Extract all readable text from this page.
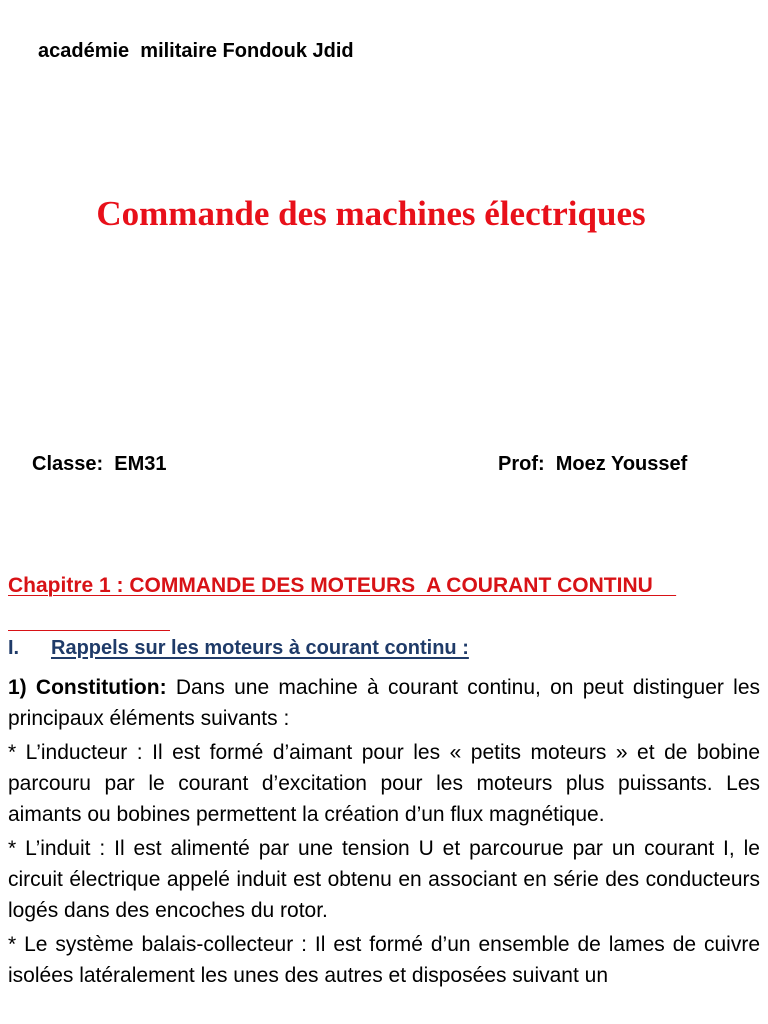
académie  militaire Fondouk Jdid
Commande des machines électriques
Classe:  EM31	Prof:  Moez Youssef
Chapitre 1 : COMMANDE DES MOTEURS  A COURANT CONTINU
I. Rappels sur les moteurs à courant continu :

1) Constitution: Dans une machine à courant continu, on peut distinguer les principaux éléments suivants :

* L’inducteur : Il est formé d’aimant pour les « petits moteurs » et de bobine parcouru par le courant d’excitation pour les moteurs plus puissants. Les aimants ou bobines permettent la création d’un flux magnétique.

* L’induit : Il est alimenté par une tension U et parcourue par un courant I, le circuit électrique appelé induit est obtenu en associant en série des conducteurs logés dans des encoches du rotor.

* Le système balais-collecteur : Il est formé d’un ensemble de lames de cuivre isolées latéralement les unes des autres et disposées suivant un
